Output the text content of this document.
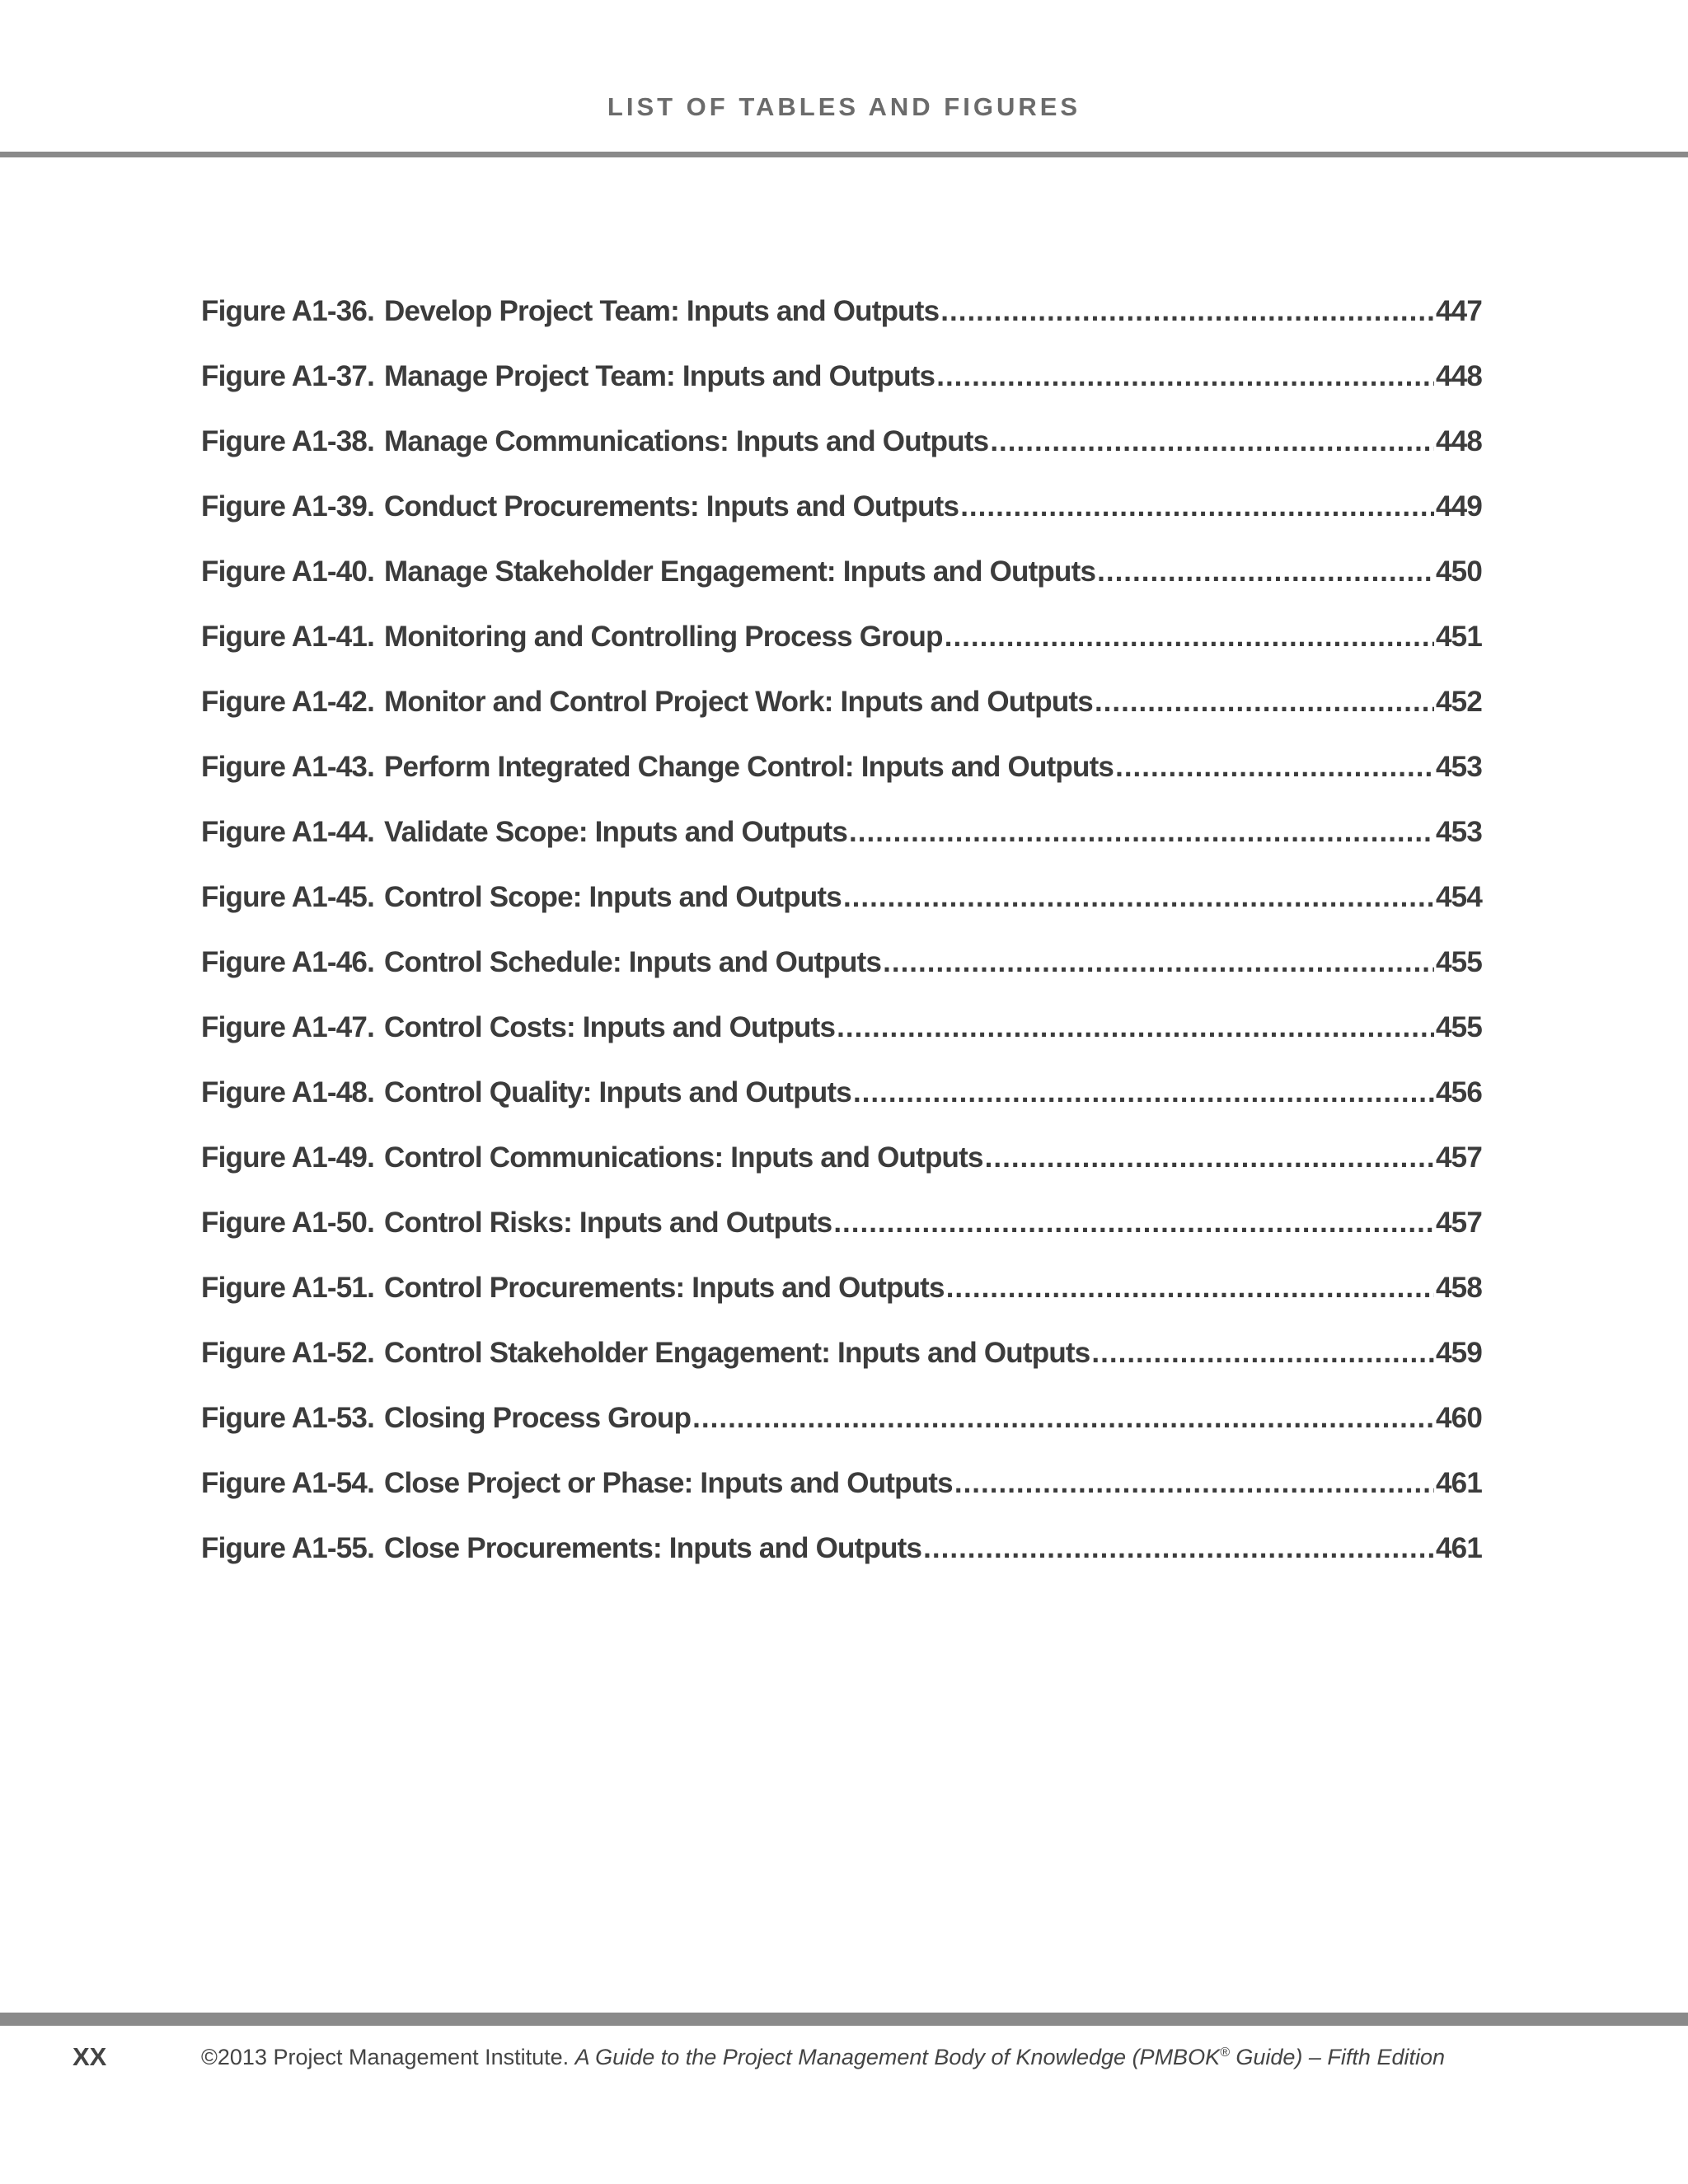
LIST OF TABLES AND FIGURES
Figure A1-36. Develop Project Team: Inputs and Outputs .....	447
Figure A1-37. Manage Project Team: Inputs and Outputs .....	448
Figure A1-38. Manage Communications: Inputs and Outputs .....	448
Figure A1-39. Conduct Procurements: Inputs and Outputs .....	449
Figure A1-40. Manage Stakeholder Engagement: Inputs and Outputs .....	450
Figure A1-41. Monitoring and Controlling Process Group .....	451
Figure A1-42. Monitor and Control Project Work: Inputs and Outputs .....	452
Figure A1-43. Perform Integrated Change Control: Inputs and Outputs .....	453
Figure A1-44. Validate Scope: Inputs and Outputs .....	453
Figure A1-45. Control Scope: Inputs and Outputs .....	454
Figure A1-46. Control Schedule: Inputs and Outputs .....	455
Figure A1-47. Control Costs: Inputs and Outputs .....	455
Figure A1-48. Control Quality: Inputs and Outputs .....	456
Figure A1-49. Control Communications: Inputs and Outputs .....	457
Figure A1-50. Control Risks: Inputs and Outputs .....	457
Figure A1-51. Control Procurements: Inputs and Outputs .....	458
Figure A1-52. Control Stakeholder Engagement: Inputs and Outputs .....	459
Figure A1-53. Closing Process Group .....	460
Figure A1-54. Close Project or Phase: Inputs and Outputs .....	461
Figure A1-55. Close Procurements: Inputs and Outputs .....	461
XX	©2013 Project Management Institute. A Guide to the Project Management Body of Knowledge (PMBOK® Guide) – Fifth Edition
